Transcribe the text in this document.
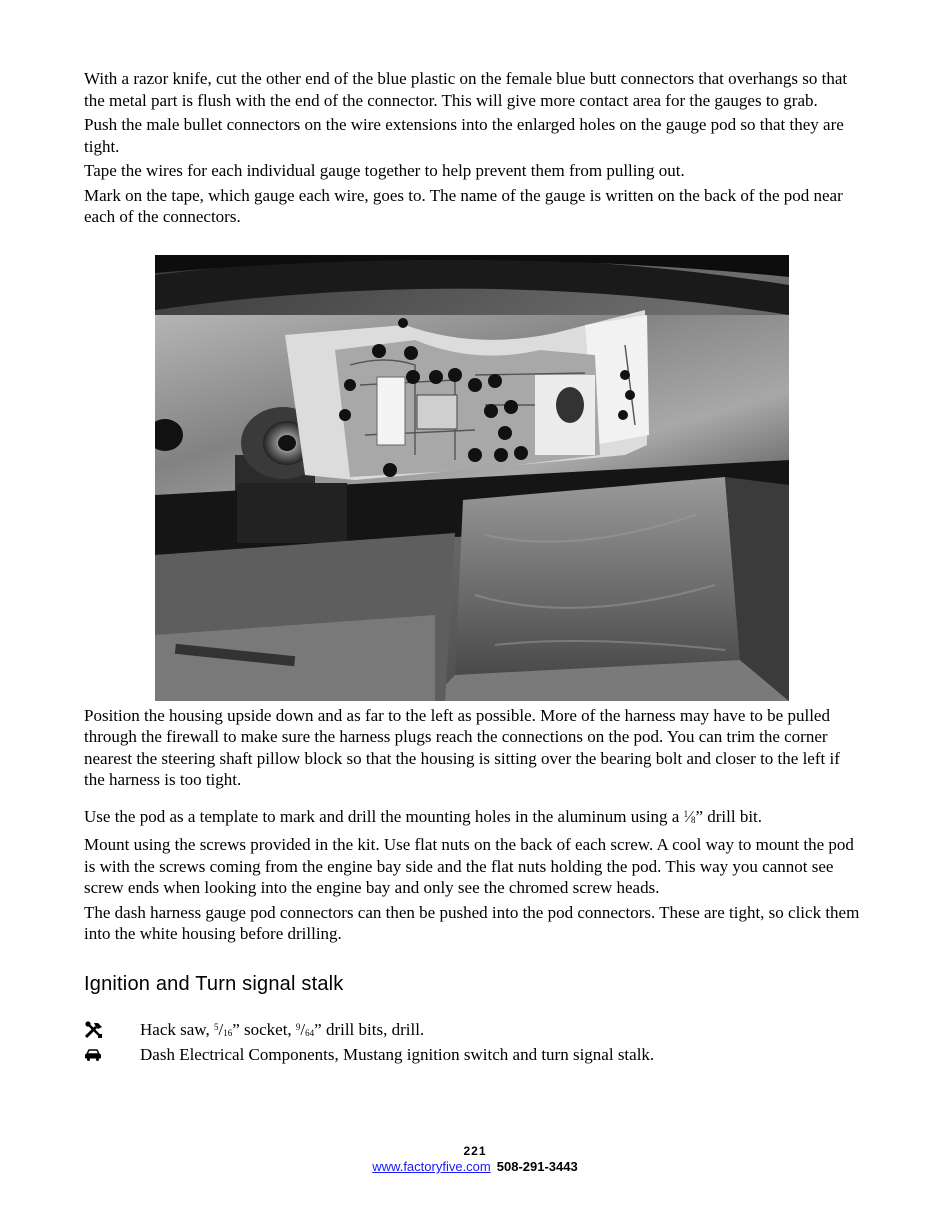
With a razor knife, cut the other end of the blue plastic on the female blue butt connectors that overhangs so that the metal part is flush with the end of the connector. This will give more contact area for the gauges to grab.

Push the male bullet connectors on the wire extensions into the enlarged holes on the gauge pod so that they are tight.

Tape the wires for each individual gauge together to help prevent them from pulling out.

Mark on the tape, which gauge each wire, goes to. The name of the gauge is written on the back of the pod near each of the connectors.

Position the housing upside down and as far to the left as possible. More of the harness may have to be pulled through the firewall to make sure the harness plugs reach the connections on the pod. You can trim the corner nearest the steering shaft pillow block so that the housing is sitting over the bearing bolt and closer to the left if the harness is too tight.

Use the pod as a template to mark and drill the mounting holes in the aluminum using a $^1⁄_8$” drill bit.

Mount using the screws provided in the kit. Use flat nuts on the back of each screw. A cool way to mount the pod is with the screws coming from the engine bay side and the flat nuts holding the pod. This way you cannot see screw ends when looking into the engine bay and only see the chromed screw heads.

The dash harness gauge pod connectors can then be pushed into the pod connectors. These are tight, so click them into the white housing before drilling.

Ignition and Turn signal stalk
Hack saw, $^5/_{16}$” socket, $^9/_{64}$” drill bits, drill.
Dash Electrical Components, Mustang ignition switch and turn signal stalk.
221
www.factoryfive.com 508-291-3443
